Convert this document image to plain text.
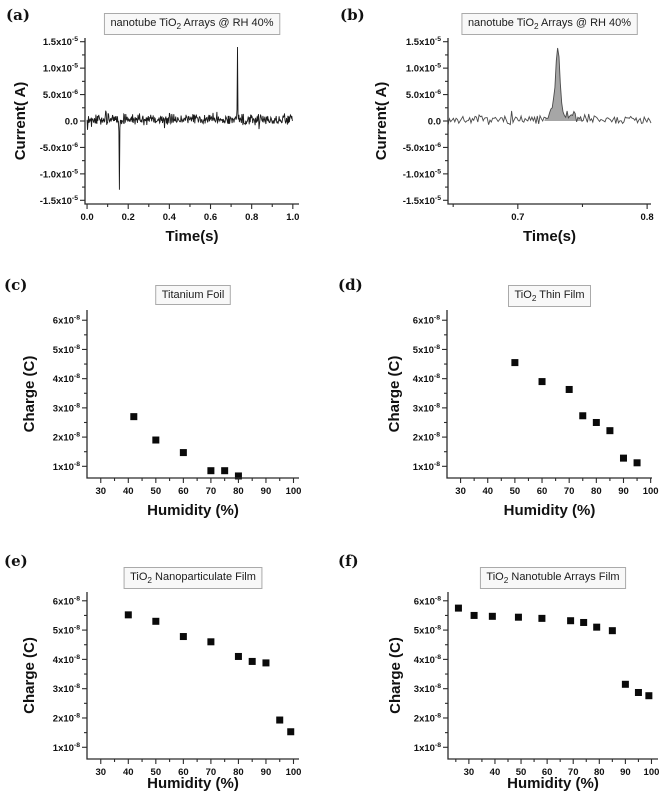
(a)
0.0	0.2	0.4	0.6	0.8	1.0
$1.5x10^{-5}$
$1.0x10^{-5}$
$5.0x10^{-6}$
0.0
$-5.0x10^{-6}$
$-1.0x10^{-5}$
$-1.5x10^{-5}$
Time(s)
Current( A)
nanotube TiO$_2$ Arrays @ RH 40%	(b)
0.7	0.8
$1.5x10^{-5}$
$1.0x10^{-5}$
$5.0x10^{-6}$
0.0
$-5.0x10^{-6}$
$-1.0x10^{-5}$
$-1.5x10^{-5}$
Time(s)
Current( A)
nanotube TiO$_2$ Arrays @ RH 40%
(c)
30 40 50 60 70 80 90 100
$6x10^{-8}$
$5x10^{-8}$
$4x10^{-8}$
$3x10^{-8}$
$2x10^{-8}$
$1x10^{-8}$
Humidity (%)
Charge (C)
Titanium Foil
(d)
30 40 50 60 70 80 90 100
$6x10^{-8}$
$5x10^{-8}$
$4x10^{-8}$
$3x10^{-8}$
$2x10^{-8}$
$1x10^{-8}$
Humidity (%)
Charge (C)
TiO$_2$ Thin Film
(e)
30 40 50 60 70 80 90 100
$6x10^{-8}$
$5x10^{-8}$
$4x10^{-8}$
$3x10^{-8}$
$2x10^{-8}$
$1x10^{-8}$
Humidity (%)
Charge (C)
TiO$_2$ Nanoparticulate Film
(f)
30 40 50 60 70 80 90 100
$6x10^{-8}$
$5x10^{-8}$
$4x10^{-8}$
$3x10^{-8}$
$2x10^{-8}$
$1x10^{-8}$
Humidity (%)
Charge (C)
TiO$_2$ Nanotuble Arrays Film
